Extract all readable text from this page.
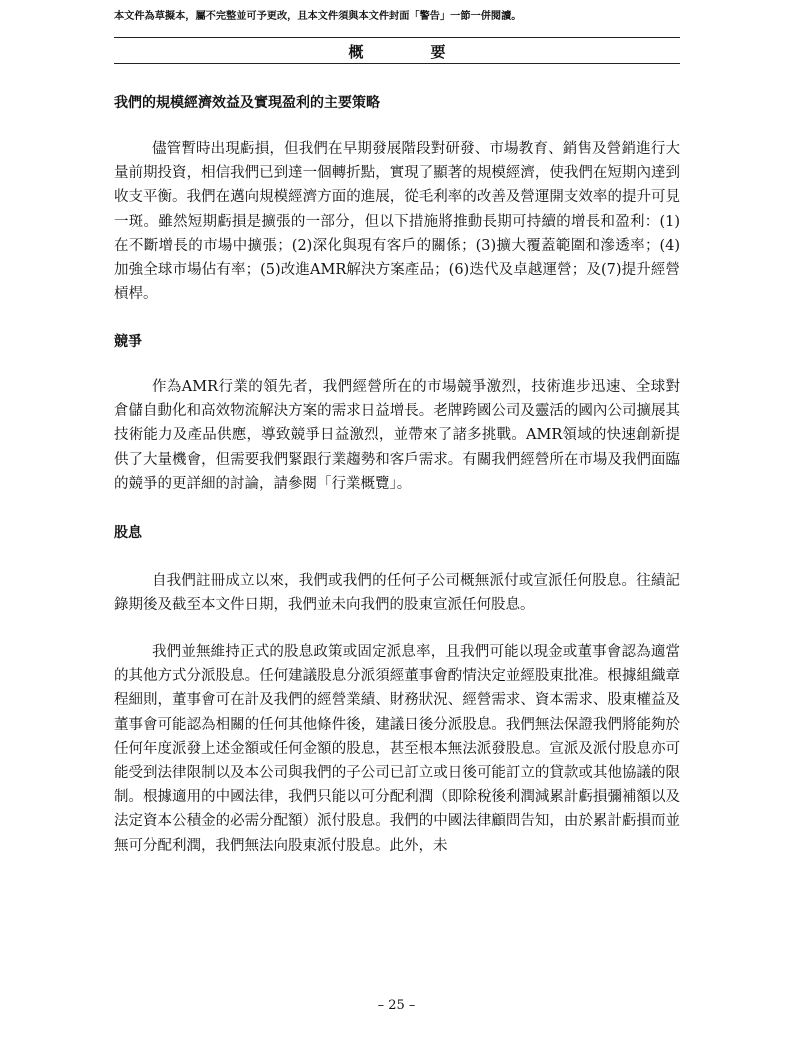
本文件為草擬本，屬不完整並可予更改，且本文件須與本文件封面「警告」一節一併閱讀。
概　要
我們的規模經濟效益及實現盈利的主要策略
儘管暫時出現虧損，但我們在早期發展階段對研發、市場教育、銷售及營銷進行大量前期投資，相信我們已到達一個轉折點，實現了顯著的規模經濟，使我們在短期內達到收支平衡。我們在邁向規模經濟方面的進展，從毛利率的改善及營運開支效率的提升可見一斑。雖然短期虧損是擴張的一部分，但以下措施將推動長期可持續的增長和盈利：(1)在不斷增長的市場中擴張；(2)深化與現有客戶的關係；(3)擴大覆蓋範圍和滲透率；(4)加強全球市場佔有率；(5)改進AMR解決方案產品；(6)迭代及卓越運營；及(7)提升經營槓桿。
競爭
作為AMR行業的領先者，我們經營所在的市場競爭激烈，技術進步迅速、全球對倉儲自動化和高效物流解決方案的需求日益增長。老牌跨國公司及靈活的國內公司擴展其技術能力及產品供應，導致競爭日益激烈，並帶來了諸多挑戰。AMR領域的快速創新提供了大量機會，但需要我們緊跟行業趨勢和客戶需求。有關我們經營所在市場及我們面臨的競爭的更詳細的討論，請參閱「行業概覽」。
股息
自我們註冊成立以來，我們或我們的任何子公司概無派付或宣派任何股息。往績記錄期後及截至本文件日期，我們並未向我們的股東宣派任何股息。
我們並無維持正式的股息政策或固定派息率，且我們可能以現金或董事會認為適當的其他方式分派股息。任何建議股息分派須經董事會酌情決定並經股東批准。根據組織章程細則，董事會可在計及我們的經營業績、財務狀況、經營需求、資本需求、股東權益及董事會可能認為相關的任何其他條件後，建議日後分派股息。我們無法保證我們將能夠於任何年度派發上述金額或任何金額的股息，甚至根本無法派發股息。宣派及派付股息亦可能受到法律限制以及本公司與我們的子公司已訂立或日後可能訂立的貸款或其他協議的限制。根據適用的中國法律，我們只能以可分配利潤（即除稅後利潤減累計虧損彌補額以及法定資本公積金的必需分配額）派付股息。我們的中國法律顧問告知，由於累計虧損而並無可分配利潤，我們無法向股東派付股息。此外，未
– 25 –
